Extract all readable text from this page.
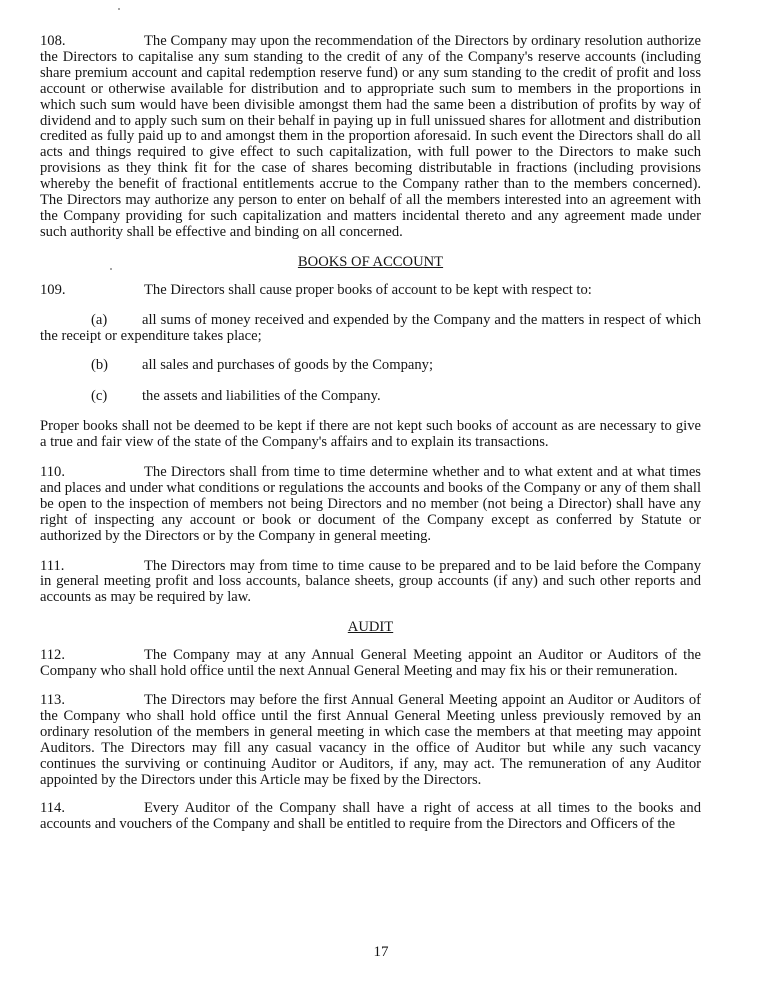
108.	The Company may upon the recommendation of the Directors by ordinary resolution authorize the Directors to capitalise any sum standing to the credit of any of the Company's reserve accounts (including share premium account and capital redemption reserve fund) or any sum standing to the credit of profit and loss account or otherwise available for distribution and to appropriate such sum to members in the proportions in which such sum would have been divisible amongst them had the same been a distribution of profits by way of dividend and to apply such sum on their behalf in paying up in full unissued shares for allotment and distribution credited as fully paid up to and amongst them in the proportion aforesaid. In such event the Directors shall do all acts and things required to give effect to such capitalization, with full power to the Directors to make such provisions as they think fit for the case of shares becoming distributable in fractions (including provisions whereby the benefit of fractional entitlements accrue to the Company rather than to the members concerned). The Directors may authorize any person to enter on behalf of all the members interested into an agreement with the Company providing for such capitalization and matters incidental thereto and any agreement made under such authority shall be effective and binding on all concerned.

BOOKS OF ACCOUNT

109.	The Directors shall cause proper books of account to be kept with respect to:

(a) all sums of money received and expended by the Company and the matters in respect of which the receipt or expenditure takes place;

(b) all sales and purchases of goods by the Company;

(c) the assets and liabilities of the Company.

Proper books shall not be deemed to be kept if there are not kept such books of account as are necessary to give a true and fair view of the state of the Company's affairs and to explain its transactions.

110.	The Directors shall from time to time determine whether and to what extent and at what times and places and under what conditions or regulations the accounts and books of the Company or any of them shall be open to the inspection of members not being Directors and no member (not being a Director) shall have any right of inspecting any account or book or document of the Company except as conferred by Statute or authorized by the Directors or by the Company in general meeting.

111.	The Directors may from time to time cause to be prepared and to be laid before the Company in general meeting profit and loss accounts, balance sheets, group accounts (if any) and such other reports and accounts as may be required by law.

AUDIT

112.	The Company may at any Annual General Meeting appoint an Auditor or Auditors of the Company who shall hold office until the next Annual General Meeting and may fix his or their remuneration.

113.	The Directors may before the first Annual General Meeting appoint an Auditor or Auditors of the Company who shall hold office until the first Annual General Meeting unless previously removed by an ordinary resolution of the members in general meeting in which case the members at that meeting may appoint Auditors. The Directors may fill any casual vacancy in the office of Auditor but while any such vacancy continues the surviving or continuing Auditor or Auditors, if any, may act. The remuneration of any Auditor appointed by the Directors under this Article may be fixed by the Directors.

114.	Every Auditor of the Company shall have a right of access at all times to the books and accounts and vouchers of the Company and shall be entitled to require from the Directors and Officers of the

17
